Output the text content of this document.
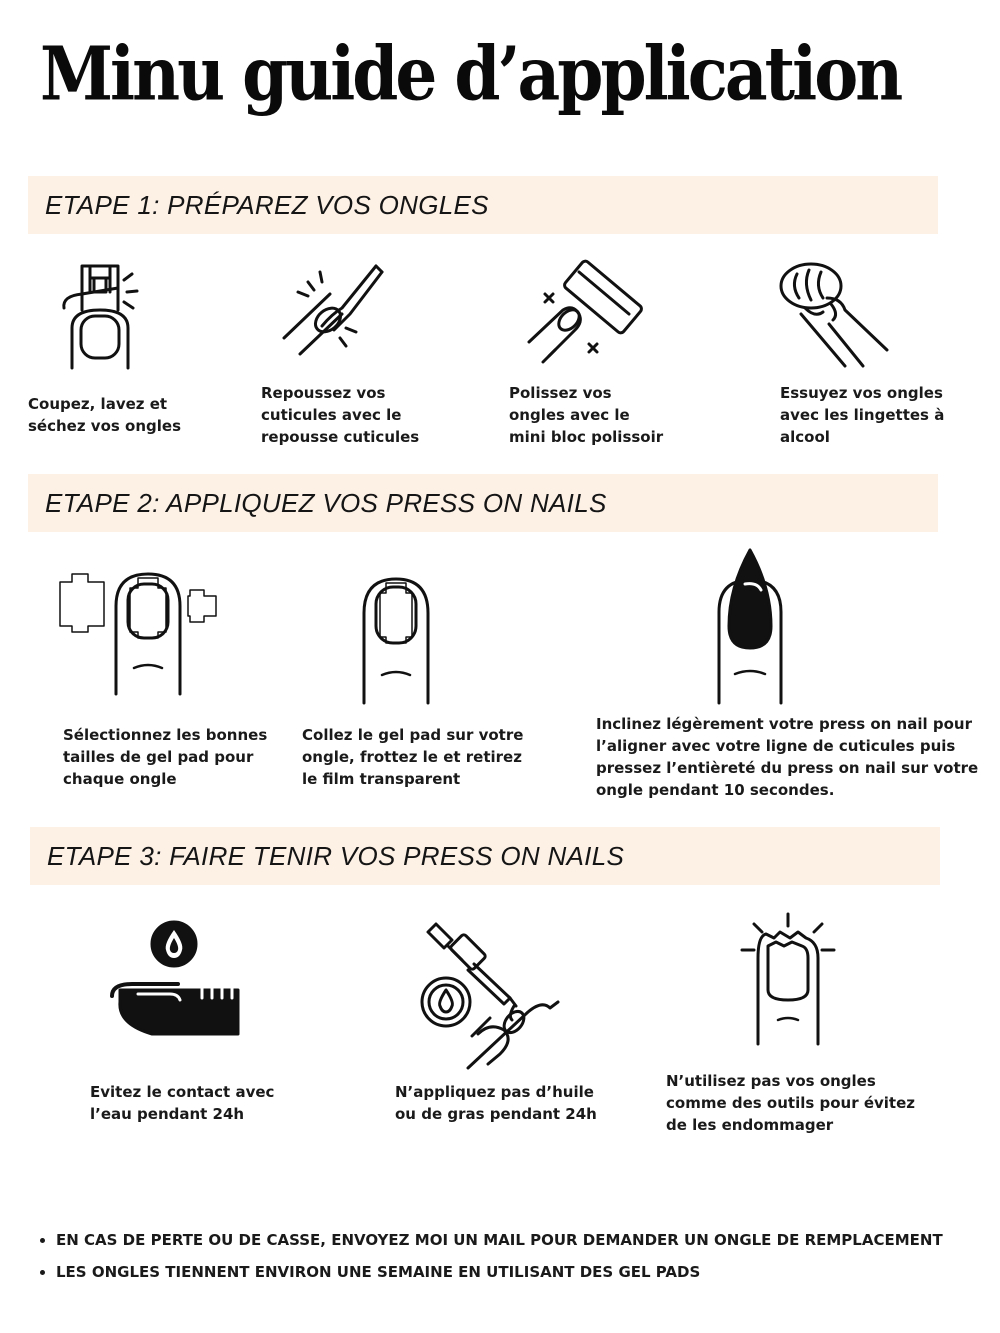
Minu guide d’application
ETAPE 1: PRÉPAREZ VOS ONGLES

Coupez, lavez et
séchez vos ongles

Repoussez vos
cuticules avec le
repousse cuticules

Polissez vos
ongles avec le
mini bloc polissoir

Essuyez vos ongles
avec les lingettes à
alcool

ETAPE 2: APPLIQUEZ VOS PRESS ON NAILS

Sélectionnez les bonnes
tailles de gel pad pour
chaque ongle

Collez le gel pad sur votre
ongle, frottez le et retirez
le film transparent

Inclinez légèrement votre press on nail pour
l’aligner avec votre ligne de cuticules puis
pressez l’entièreté du press on nail sur votre
ongle pendant 10 secondes.

ETAPE 3: FAIRE TENIR VOS PRESS ON NAILS

Evitez le contact avec
l’eau pendant 24h

N’appliquez pas d’huile
ou de gras pendant 24h

N’utilisez pas vos ongles
comme des outils pour évitez
de les endommager

• EN CAS DE PERTE OU DE CASSE, ENVOYEZ MOI UN MAIL POUR DEMANDER UN ONGLE DE REMPLACEMENT
• LES ONGLES TIENNENT ENVIRON UNE SEMAINE EN UTILISANT DES GEL PADS
